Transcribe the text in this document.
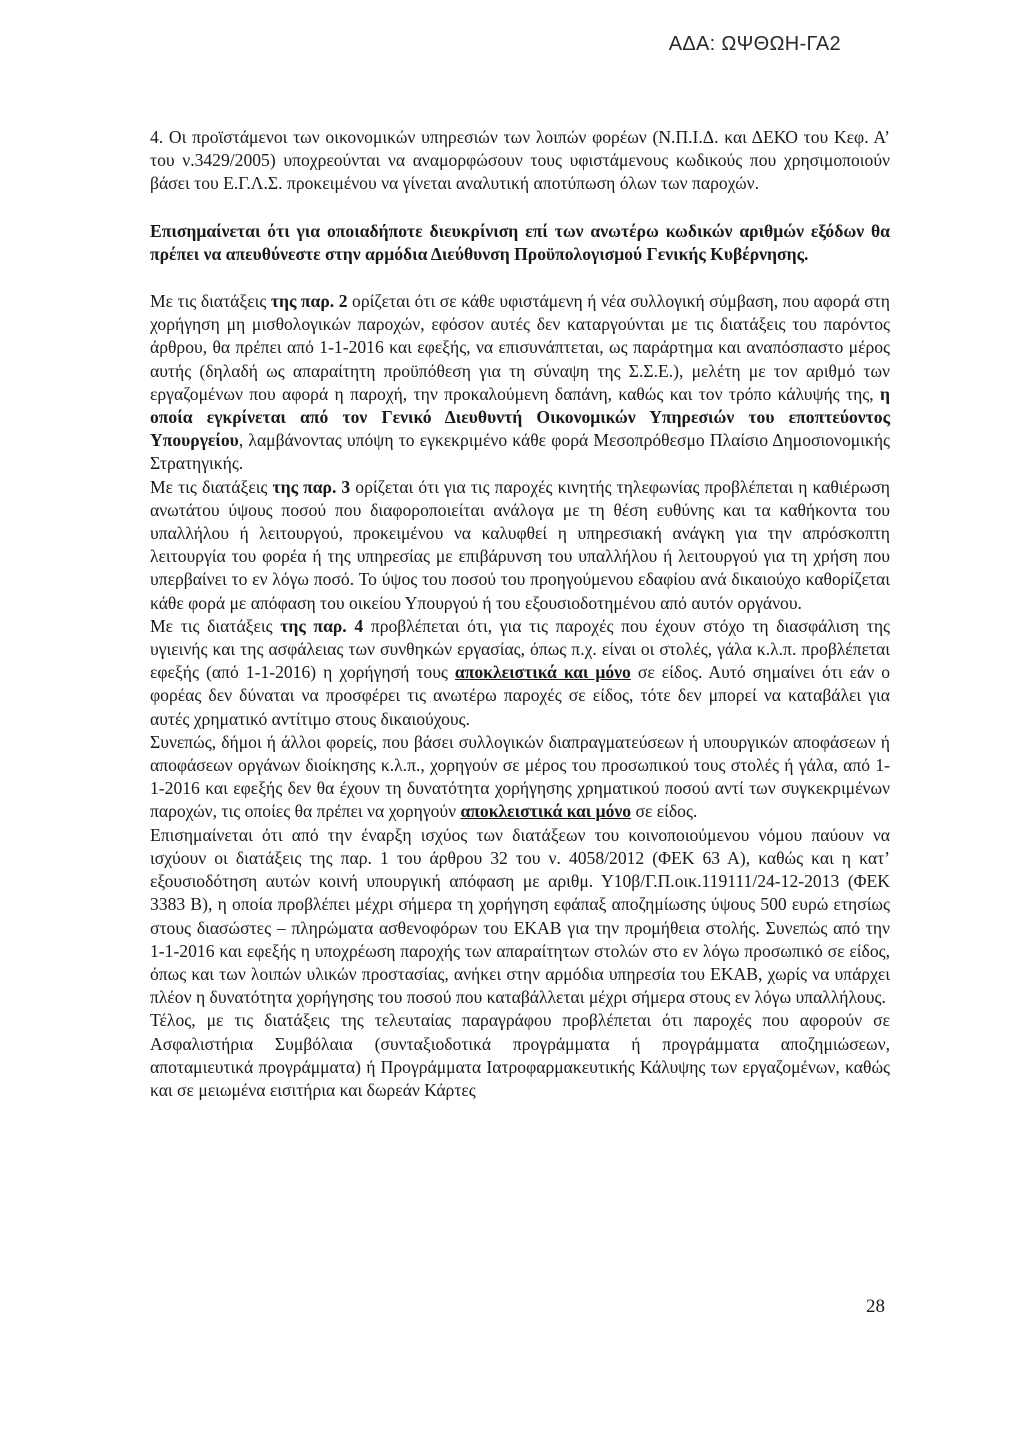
ΑΔΑ: ΩΨΘΩΗ-ΓΑ2

4. Οι προϊστάμενοι των οικονομικών υπηρεσιών των λοιπών φορέων (Ν.Π.Ι.Δ. και ΔΕΚΟ του Κεφ. Α’ του ν.3429/2005) υποχρεούνται να αναμορφώσουν τους υφιστάμενους κωδικούς που χρησιμοποιούν βάσει του Ε.Γ.Λ.Σ. προκειμένου να γίνεται αναλυτική αποτύπωση όλων των παροχών.

Επισημαίνεται ότι για οποιαδήποτε διευκρίνιση επί των ανωτέρω κωδικών αριθμών εξόδων θα πρέπει να απευθύνεστε στην αρμόδια Διεύθυνση Προϋπολογισμού Γενικής Κυβέρνησης.

Με τις διατάξεις της παρ. 2 ορίζεται ότι σε κάθε υφιστάμενη ή νέα συλλογική σύμβαση, που αφορά στη χορήγηση μη μισθολογικών παροχών, εφόσον αυτές δεν καταργούνται με τις διατάξεις του παρόντος άρθρου, θα πρέπει από 1-1-2016 και εφεξής, να επισυνάπτεται, ως παράρτημα και αναπόσπαστο μέρος αυτής (δηλαδή ως απαραίτητη προϋπόθεση για τη σύναψη της Σ.Σ.Ε.), μελέτη με τον αριθμό των εργαζομένων που αφορά η παροχή, την προκαλούμενη δαπάνη, καθώς και τον τρόπο κάλυψής της, η οποία εγκρίνεται από τον Γενικό Διευθυντή Οικονομικών Υπηρεσιών του εποπτεύοντος Υπουργείου, λαμβάνοντας υπόψη το εγκεκριμένο κάθε φορά Μεσοπρόθεσμο Πλαίσιο Δημοσιονομικής Στρατηγικής.

Με τις διατάξεις της παρ. 3 ορίζεται ότι για τις παροχές κινητής τηλεφωνίας προβλέπεται η καθιέρωση ανωτάτου ύψους ποσού που διαφοροποιείται ανάλογα με τη θέση ευθύνης και τα καθήκοντα του υπαλλήλου ή λειτουργού, προκειμένου να καλυφθεί η υπηρεσιακή ανάγκη για την απρόσκοπτη λειτουργία του φορέα ή της υπηρεσίας με επιβάρυνση του υπαλλήλου ή λειτουργού για τη χρήση που υπερβαίνει το εν λόγω ποσό. Το ύψος του ποσού του προηγούμενου εδαφίου ανά δικαιούχο καθορίζεται κάθε φορά με απόφαση του οικείου Υπουργού ή του εξουσιοδοτημένου από αυτόν οργάνου.

Με τις διατάξεις της παρ. 4 προβλέπεται ότι, για τις παροχές που έχουν στόχο τη διασφάλιση της υγιεινής και της ασφάλειας των συνθηκών εργασίας, όπως π.χ. είναι οι στολές, γάλα κ.λ.π. προβλέπεται εφεξής (από 1-1-2016) η χορήγησή τους αποκλειστικά και μόνο σε είδος. Αυτό σημαίνει ότι εάν ο φορέας δεν δύναται να προσφέρει τις ανωτέρω παροχές σε είδος, τότε δεν μπορεί να καταβάλει για αυτές χρηματικό αντίτιμο στους δικαιούχους.

Συνεπώς, δήμοι ή άλλοι φορείς, που βάσει συλλογικών διαπραγματεύσεων ή υπουργικών αποφάσεων ή αποφάσεων οργάνων διοίκησης κ.λ.π., χορηγούν σε μέρος του προσωπικού τους στολές ή γάλα, από 1-1-2016 και εφεξής δεν θα έχουν τη δυνατότητα χορήγησης χρηματικού ποσού αντί των συγκεκριμένων παροχών, τις οποίες θα πρέπει να χορηγούν αποκλειστικά και μόνο σε είδος.

Επισημαίνεται ότι από την έναρξη ισχύος των διατάξεων του κοινοποιούμενου νόμου παύουν να ισχύουν οι διατάξεις της παρ. 1 του άρθρου 32 του ν. 4058/2012 (ΦΕΚ 63 Α), καθώς και η κατ’ εξουσιοδότηση αυτών κοινή υπουργική απόφαση με αριθμ. Υ10β/Γ.Π.οικ.119111/24-12-2013 (ΦΕΚ 3383 Β), η οποία προβλέπει μέχρι σήμερα τη χορήγηση εφάπαξ αποζημίωσης ύψους 500 ευρώ ετησίως στους διασώστες – πληρώματα ασθενοφόρων του ΕΚΑΒ για την προμήθεια στολής. Συνεπώς από την 1-1-2016 και εφεξής η υποχρέωση παροχής των απαραίτητων στολών στο εν λόγω προσωπικό σε είδος, όπως και των λοιπών υλικών προστασίας, ανήκει στην αρμόδια υπηρεσία του ΕΚΑΒ, χωρίς να υπάρχει πλέον η δυνατότητα χορήγησης του ποσού που καταβάλλεται μέχρι σήμερα στους εν λόγω υπαλλήλους.

Τέλος, με τις διατάξεις της τελευταίας παραγράφου προβλέπεται ότι παροχές που αφορούν σε Ασφαλιστήρια Συμβόλαια (συνταξιοδοτικά προγράμματα ή προγράμματα αποζημιώσεων, αποταμιευτικά προγράμματα) ή Προγράμματα Ιατροφαρμακευτικής Κάλυψης των εργαζομένων, καθώς και σε μειωμένα εισιτήρια και δωρεάν Κάρτες

28
